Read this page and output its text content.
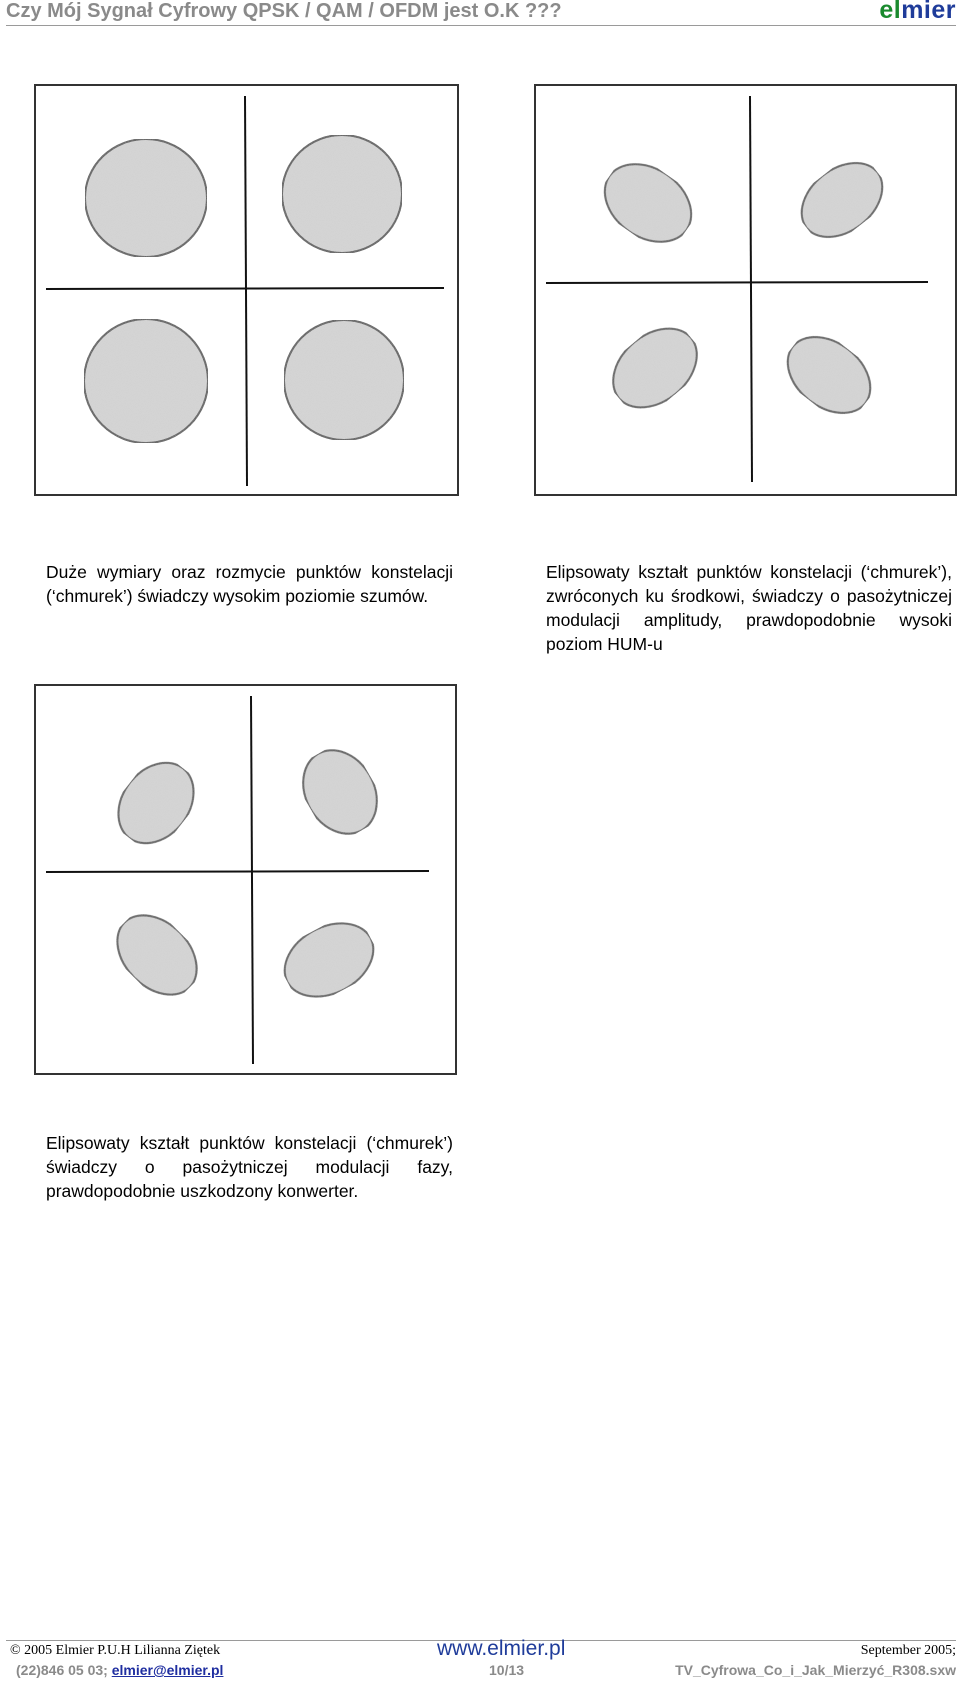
Czy Mój Sygnał Cyfrowy QPSK / QAM / OFDM jest O.K ???	elmier
Duże wymiary oraz rozmycie punktów konstelacji (‘chmurek’) świadczy wysokim poziomie szumów.
Elipsowaty kształt punktów konstelacji (‘chmurek’), zwróconych ku środkowi, świadczy o pasożytniczej modulacji amplitudy, prawdopodobnie wysoki poziom HUM-u
Elipsowaty kształt punktów konstelacji (‘chmurek’) świadczy o pasożytniczej modulacji fazy, prawdopodobnie uszkodzony konwerter.
© 2005 Elmier P.U.H Lilianna Ziętek	www.elmier.pl	September 2005;
(22)846 05 03; elmier@elmier.pl	10/13	TV_Cyfrowa_Co_i_Jak_Mierzyć_R308.sxw
